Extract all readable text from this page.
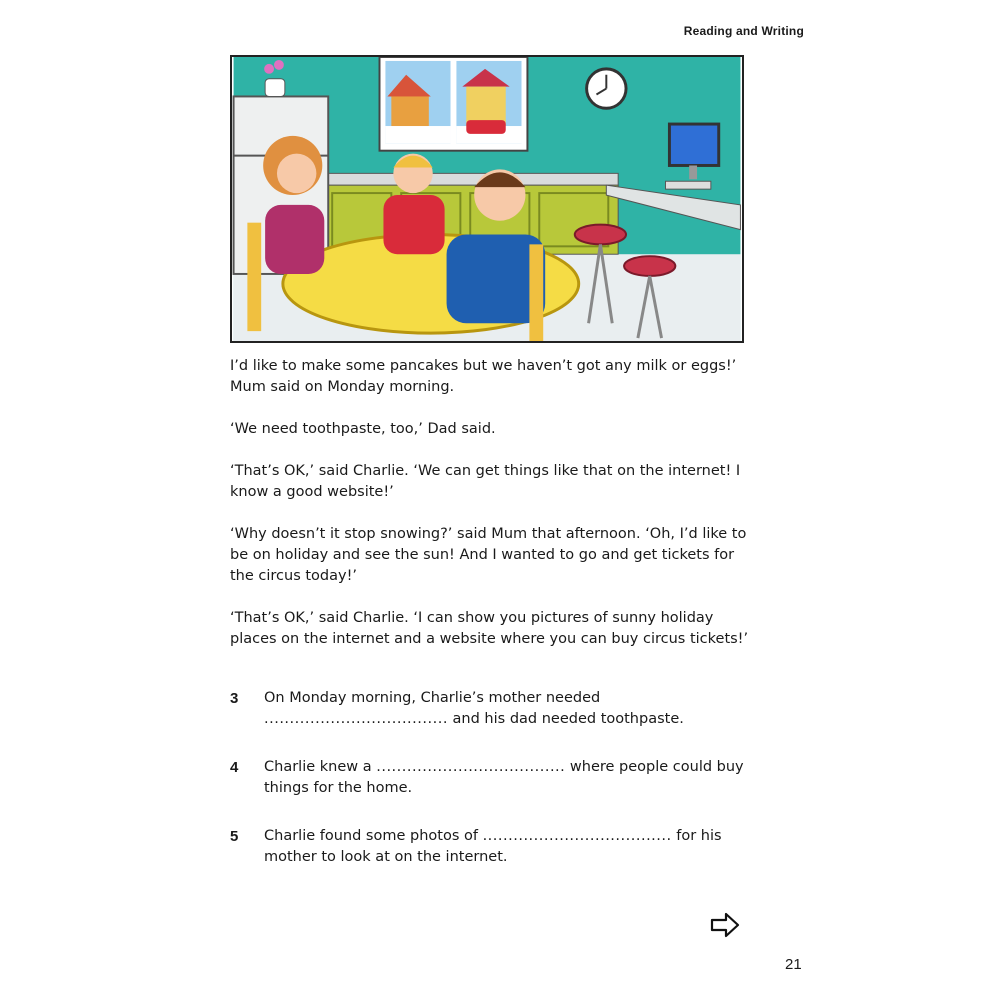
Reading and Writing

I’d like to make some pancakes but we haven’t got any milk or eggs!’ Mum said on Monday morning.

‘We need toothpaste, too,’ Dad said.

‘That’s OK,’ said Charlie. ‘We can get things like that on the internet! I know a good website!’

‘Why doesn’t it stop snowing?’ said Mum that afternoon. ‘Oh, I’d like to be on holiday and see the sun! And I wanted to go and get tickets for the circus today!’

‘That’s OK,’ said Charlie. ‘I can show you pictures of sunny holiday places on the internet and a website where you can buy circus tickets!’

3 On Monday morning, Charlie’s mother needed
.................................... and his dad needed toothpaste.
4 Charlie knew a ..................................... where people could buy things for the home.
5 Charlie found some photos of ..................................... for his mother to look at on the internet.
21
